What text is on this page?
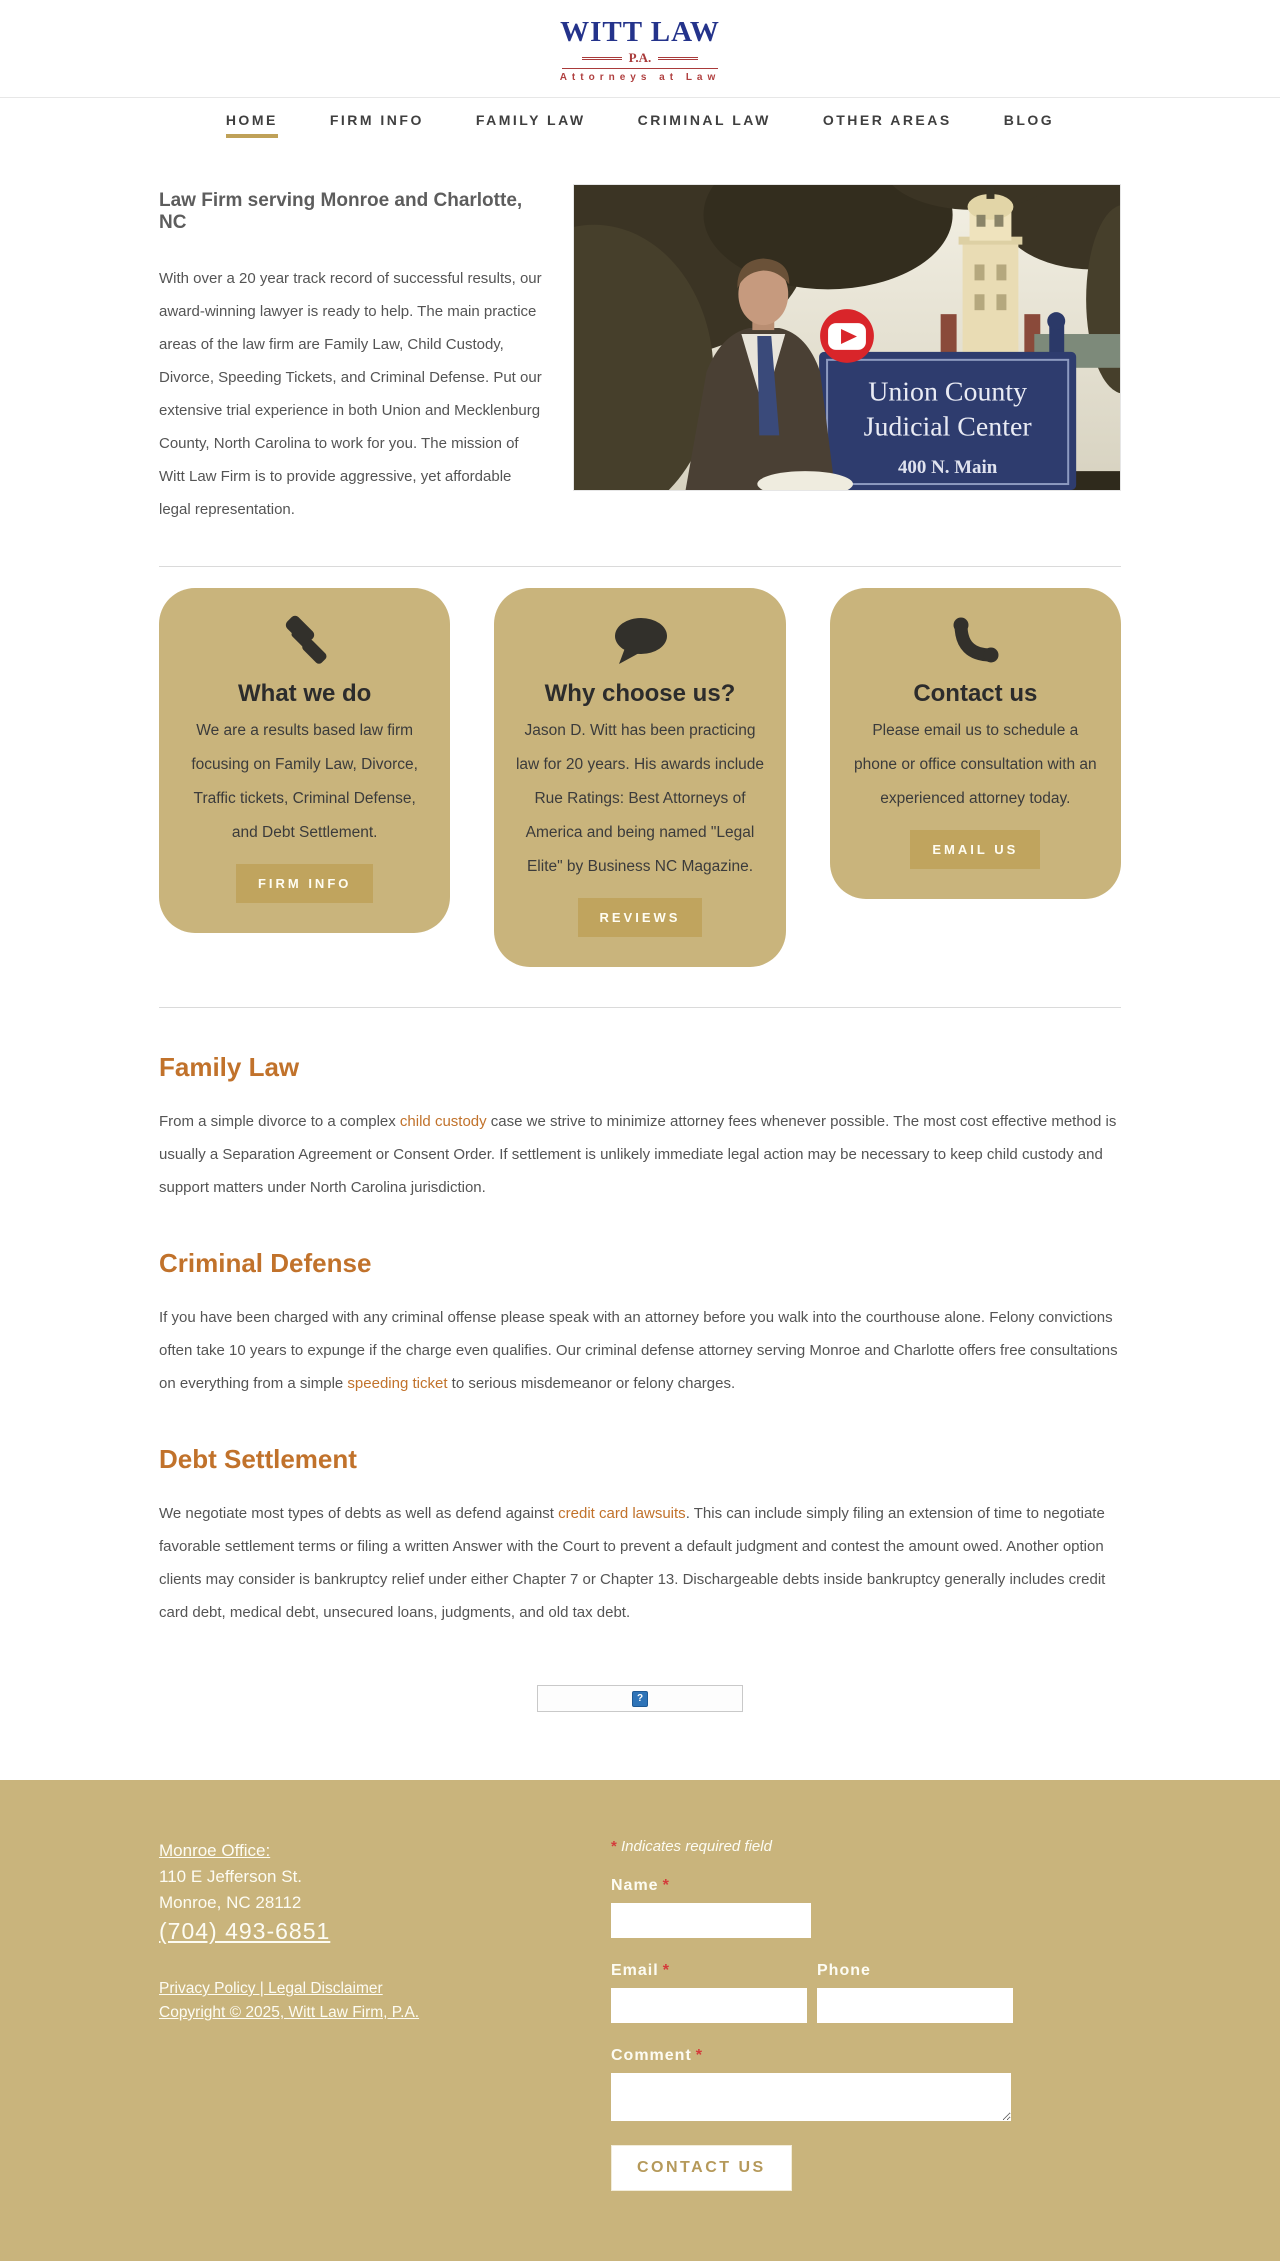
WITT LAW
P.A.
Attorneys at Law
HOME	FIRM INFO	FAMILY LAW	CRIMINAL LAW	OTHER AREAS	BLOG
Law Firm serving Monroe and Charlotte, NC

With over a 20 year track record of successful results, our award-winning lawyer is ready to help. The main practice areas of the law firm are Family Law, Child Custody, Divorce, Speeding Tickets, and Criminal Defense. Put our extensive trial experience in both Union and Mecklenburg County, North Carolina to work for you. The mission of Witt Law Firm is to provide aggressive, yet affordable legal representation.

Union County
Judicial Center
400 N. Main
What we do

We are a results based law firm focusing on Family Law, Divorce, Traffic tickets, Criminal Defense, and Debt Settlement.

FIRM INFO
Why choose us?

Jason D. Witt has been practicing law for 20 years. His awards include Rue Ratings: Best Attorneys of America and being named "Legal Elite" by Business NC Magazine.

REVIEWS
Contact us

Please email us to schedule a phone or office consultation with an experienced attorney today.

EMAIL US
Family Law

From a simple divorce to a complex child custody case we strive to minimize attorney fees whenever possible. The most cost effective method is usually a Separation Agreement or Consent Order. If settlement is unlikely immediate legal action may be necessary to keep child custody and support matters under North Carolina jurisdiction.

Criminal Defense

If you have been charged with any criminal offense please speak with an attorney before you walk into the courthouse alone. Felony convictions often take 10 years to expunge if the charge even qualifies. Our criminal defense attorney serving Monroe and Charlotte offers free consultations on everything from a simple speeding ticket to serious misdemeanor or felony charges.

Debt Settlement

We negotiate most types of debts as well as defend against credit card lawsuits. This can include simply filing an extension of time to negotiate favorable settlement terms or filing a written Answer with the Court to prevent a default judgment and contest the amount owed. Another option clients may consider is bankruptcy relief under either Chapter 7 or Chapter 13. Dischargeable debts inside bankruptcy generally includes credit card debt, medical debt, unsecured loans, judgments, and old tax debt.

?
Monroe Office:
110 E Jefferson St.
Monroe, NC 28112
(704) 493-6851
Privacy Policy | Legal Disclaimer
Copyright © 2025, Witt Law Firm, P.A.
* Indicates required field
Name *
Email *	Phone
Comment *
CONTACT US
